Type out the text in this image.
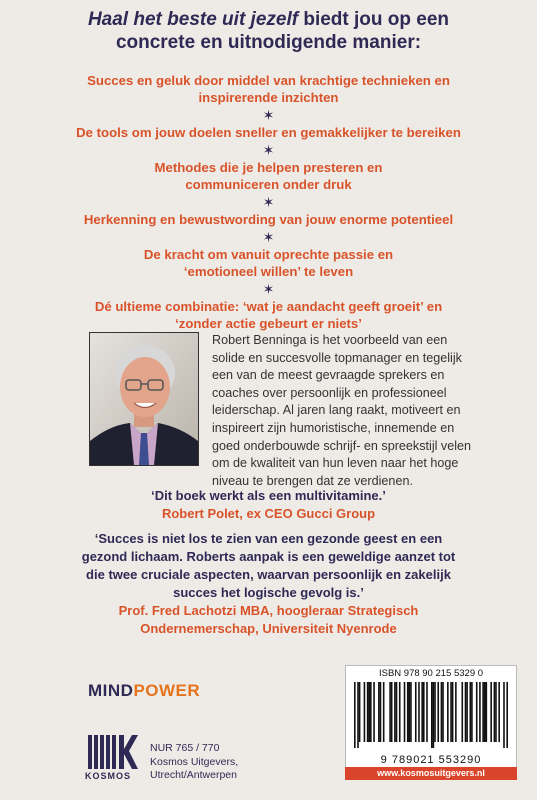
Haal het beste uit jezelf biedt jou op een
concrete en uitnodigende manier:
Succes en geluk door middel van krachtige technieken en
inspirerende inzichten
✶
De tools om jouw doelen sneller en gemakkelijker te bereiken
✶
Methodes die je helpen presteren en
communiceren onder druk
✶
Herkenning en bewustwording van jouw enorme potentieel
✶
De kracht om vanuit oprechte passie en
‘emotioneel willen’ te leven
✶
Dé ultieme combinatie: ‘wat je aandacht geeft groeit’ en
‘zonder actie gebeurt er niets’
Robert Benninga is het voorbeeld van een
solide en succesvolle topmanager en tegelijk
een van de meest gevraagde sprekers en
coaches over persoonlijk en professioneel
leiderschap. Al jaren lang raakt, motiveert en
inspireert zijn humoristische, innemende en
goed onderbouwde schrijf- en spreekstijl velen
om de kwaliteit van hun leven naar het hoge
niveau te brengen dat ze verdienen.
‘Dit boek werkt als een multivitamine.’
Robert Polet, ex CEO Gucci Group
‘Succes is niet los te zien van een gezonde geest en een
gezond lichaam. Roberts aanpak is een geweldige aanzet tot
die twee cruciale aspecten, waarvan persoonlijk en zakelijk
succes het logische gevolg is.’
Prof. Fred Lachotzi MBA, hoogleraar Strategisch
Ondernemerschap, Universiteit Nyenrode
MINDPOWER
KOSMOS
NUR 765 / 770
Kosmos Uitgevers,
Utrecht/Antwerpen
ISBN 978 90 215 5329 0
9 789021 553290
www.kosmosuitgevers.nl
